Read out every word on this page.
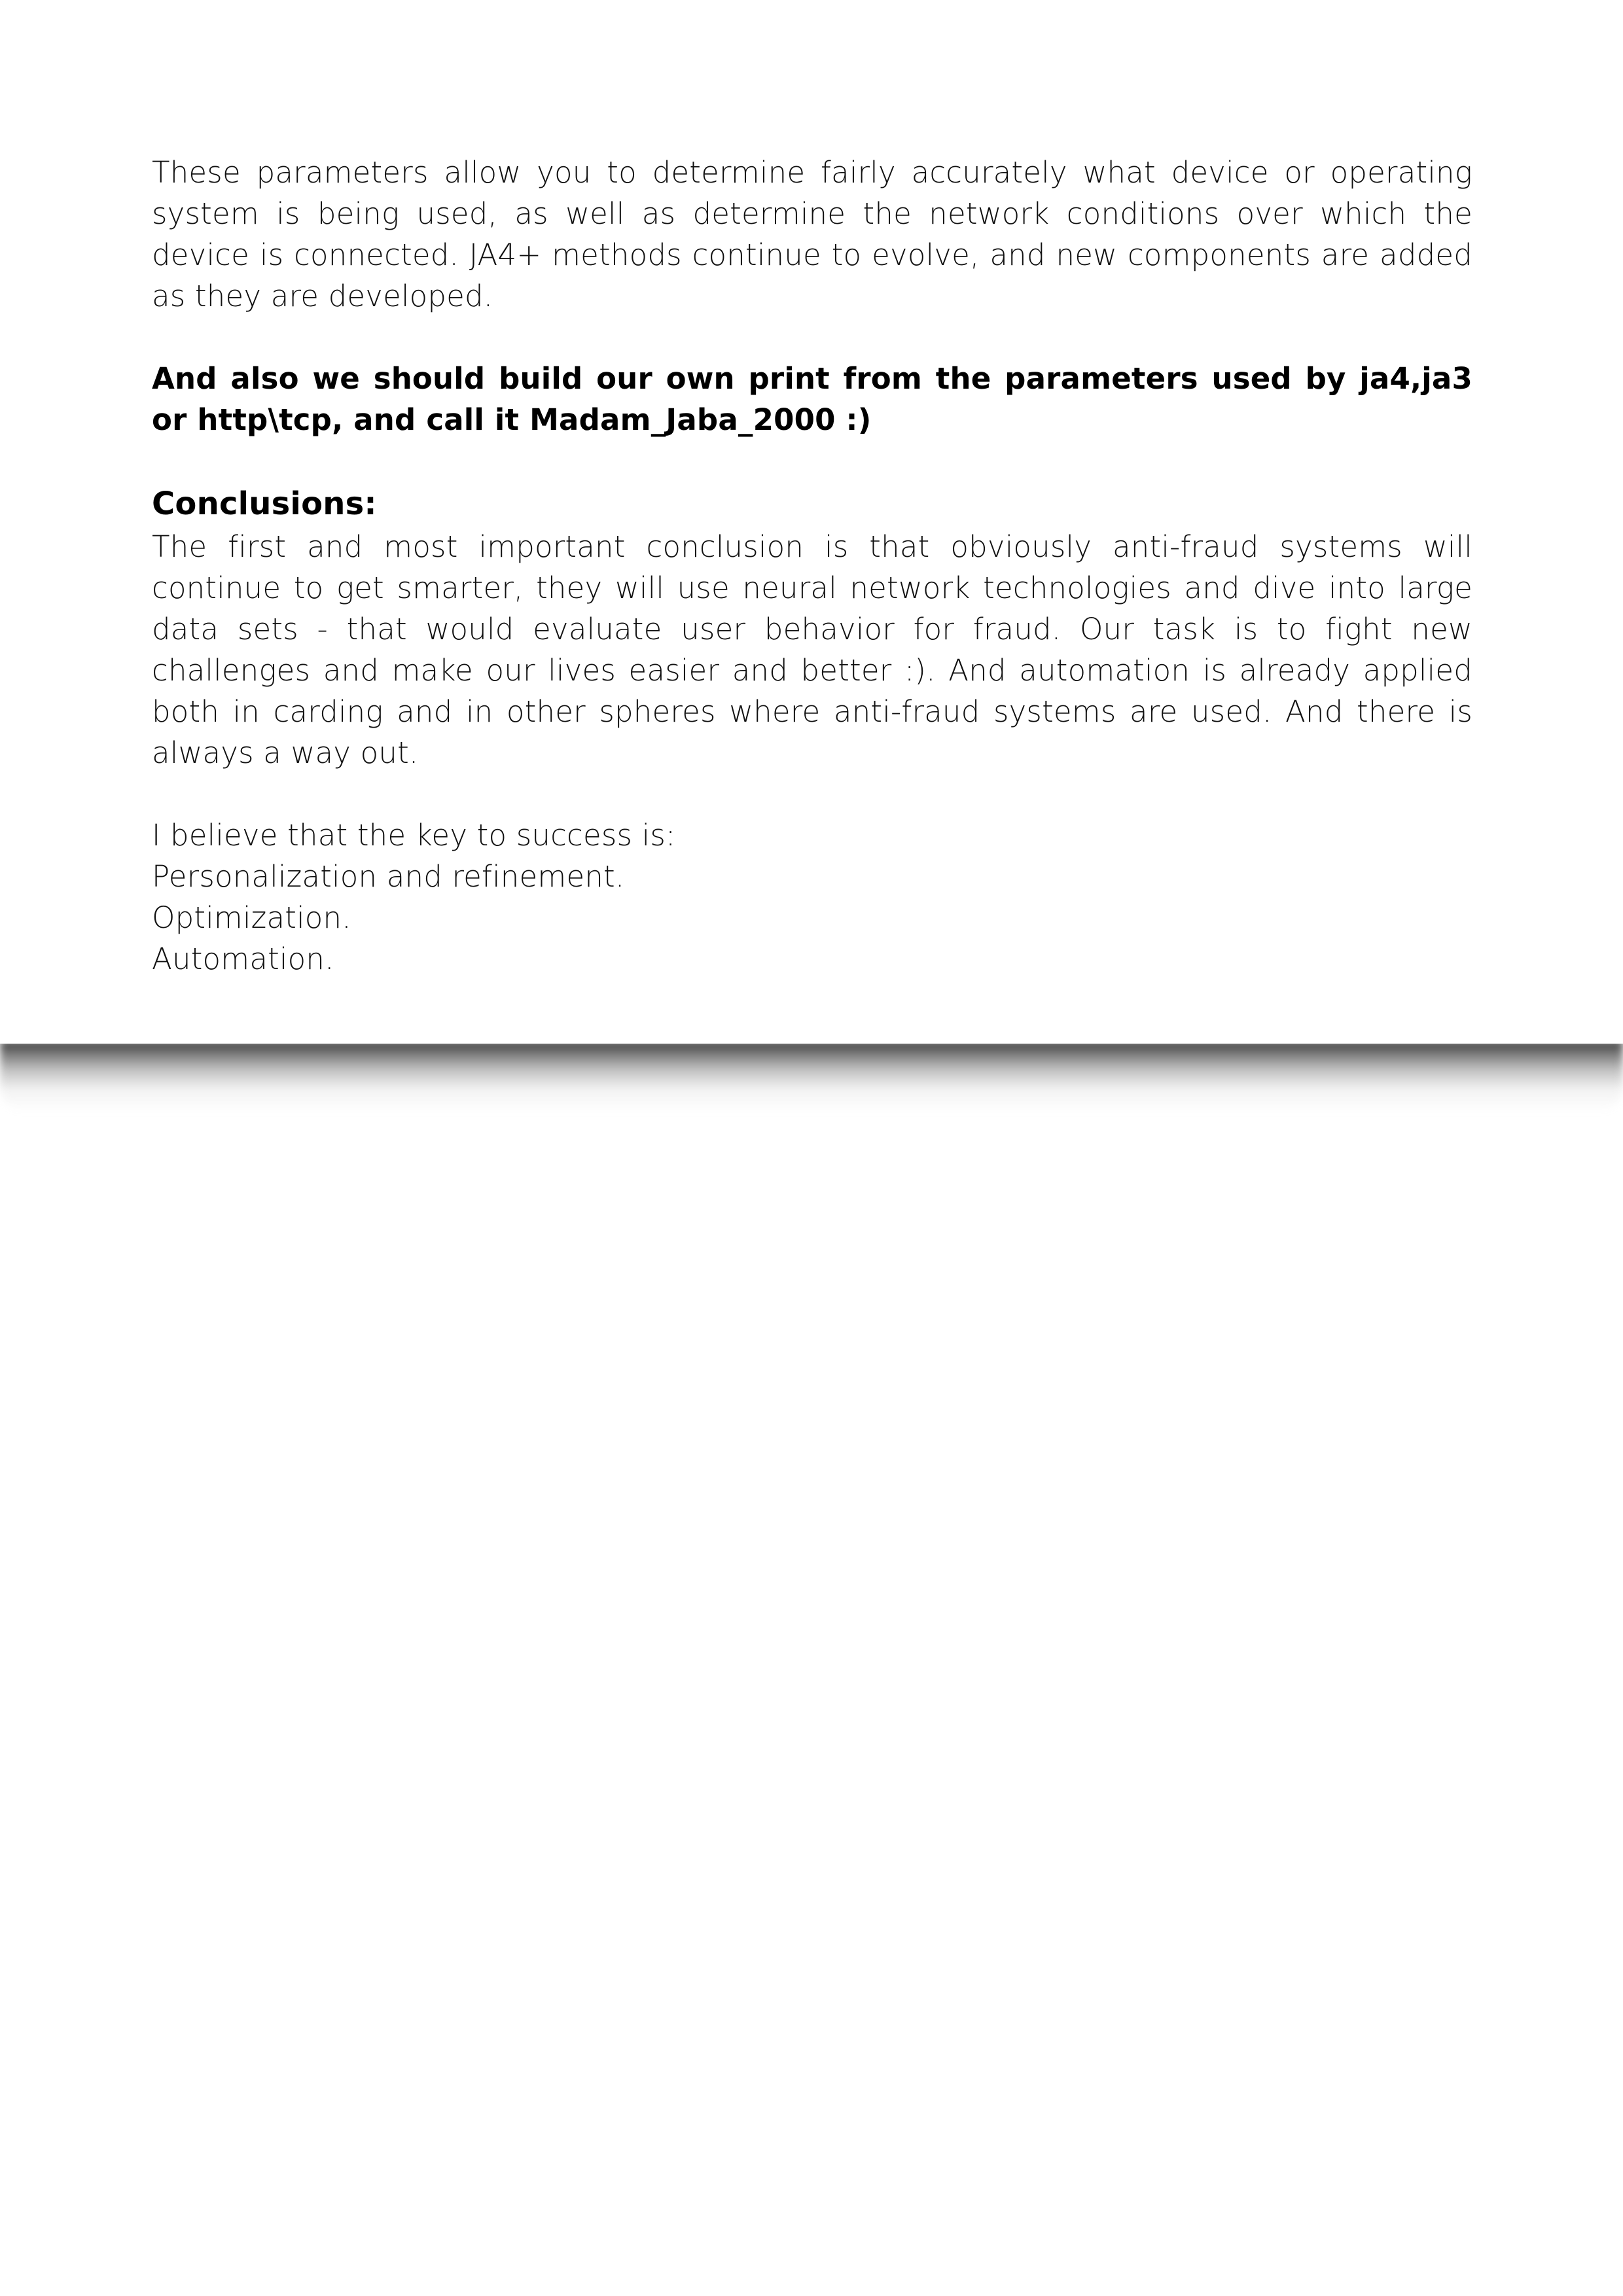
These parameters allow you to determine fairly accurately what device or operating system is being used, as well as determine the network conditions over which the device is connected. JA4+ methods continue to evolve, and new components are added as they are developed.

And also we should build our own print from the parameters used by ja4,ja3 or http\tcp, and call it Madam_Jaba_2000 :)

Conclusions:

The first and most important conclusion is that obviously anti-fraud systems will continue to get smarter, they will use neural network technologies and dive into large data sets - that would evaluate user behavior for fraud. Our task is to fight new challenges and make our lives easier and better :). And automation is already applied both in carding and in other spheres where anti-fraud systems are used. And there is always a way out.

I believe that the key to success is:

Personalization and refinement.

Optimization.

Automation.
